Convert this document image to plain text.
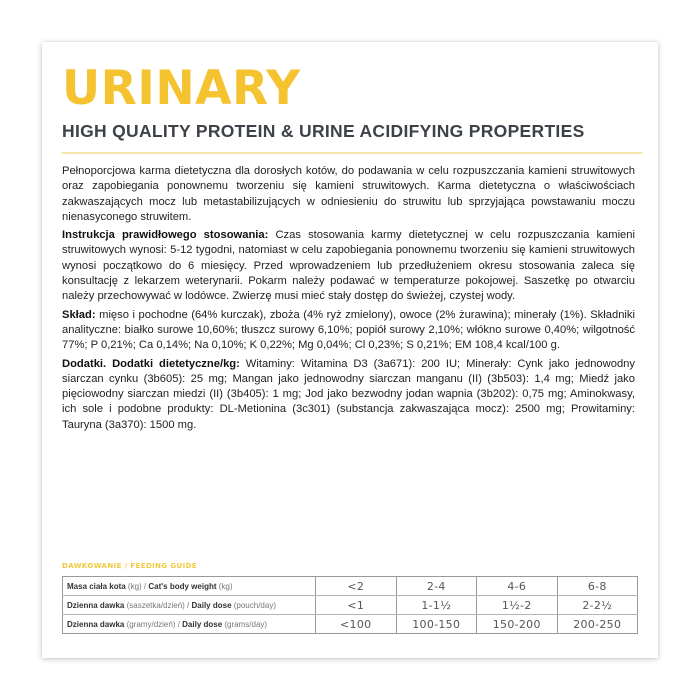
URINARY
HIGH QUALITY PROTEIN & URINE ACIDIFYING PROPERTIES

Pełnoporcjowa karma dietetyczna dla dorosłych kotów, do podawania w celu rozpuszczania kamieni struwitowych oraz zapobiegania ponownemu tworzeniu się kamieni struwitowych. Karma dietetyczna o właściwościach zakwaszających mocz lub metastabilizujących w odniesieniu do struwitu lub sprzyjająca powstawaniu moczu nienasyconego struwitem.

Instrukcja prawidłowego stosowania: Czas stosowania karmy dietetycznej w celu rozpuszczania kamieni struwitowych wynosi: 5-12 tygodni, natomiast w celu zapobiegania ponownemu tworzeniu się kamieni struwitowych wynosi początkowo do 6 miesięcy. Przed wprowadzeniem lub przedłużeniem okresu stosowania zaleca się konsultację z lekarzem weterynarii. Pokarm należy podawać w temperaturze pokojowej. Saszetkę po otwarciu należy przechowywać w lodówce. Zwierzę musi mieć stały dostęp do świeżej, czystej wody.

Skład: mięso i pochodne (64% kurczak), zboża (4% ryż zmielony), owoce (2% żurawina); minerały (1%). Składniki analityczne: białko surowe 10,60%; tłuszcz surowy 6,10%; popiół surowy 2,10%; włókno surowe 0,40%; wilgotność 77%; P 0,21%; Ca 0,14%; Na 0,10%; K 0,22%; Mg 0,04%; Cl 0,23%; S 0,21%; EM 108,4 kcal/100 g.

Dodatki. Dodatki dietetyczne/kg: Witaminy: Witamina D3 (3a671): 200 IU; Minerały: Cynk jako jednowodny siarczan cynku (3b605): 25 mg; Mangan jako jednowodny siarczan manganu (II) (3b503): 1,4 mg; Miedź jako pięciowodny siarczan miedzi (II) (3b405): 1 mg; Jod jako bezwodny jodan wapnia (3b202): 0,75 mg; Aminokwasy, ich sole i podobne produkty: DL-Metionina (3c301) (substancja zakwaszająca mocz): 2500 mg; Prowitaminy: Tauryna (3a370): 1500 mg.

DAWKOWANIE / FEEDING GUIDE
Masa ciała kota (kg) / Cat's body weight (kg)	<2	2-4	4-6	6-8
Dzienna dawka (saszetka/dzień) / Daily dose (pouch/day)	<1	1-1½	1½-2	2-2½
Dzienna dawka (gramy/dzień) / Daily dose (grams/day)	<100	100-150	150-200	200-250
